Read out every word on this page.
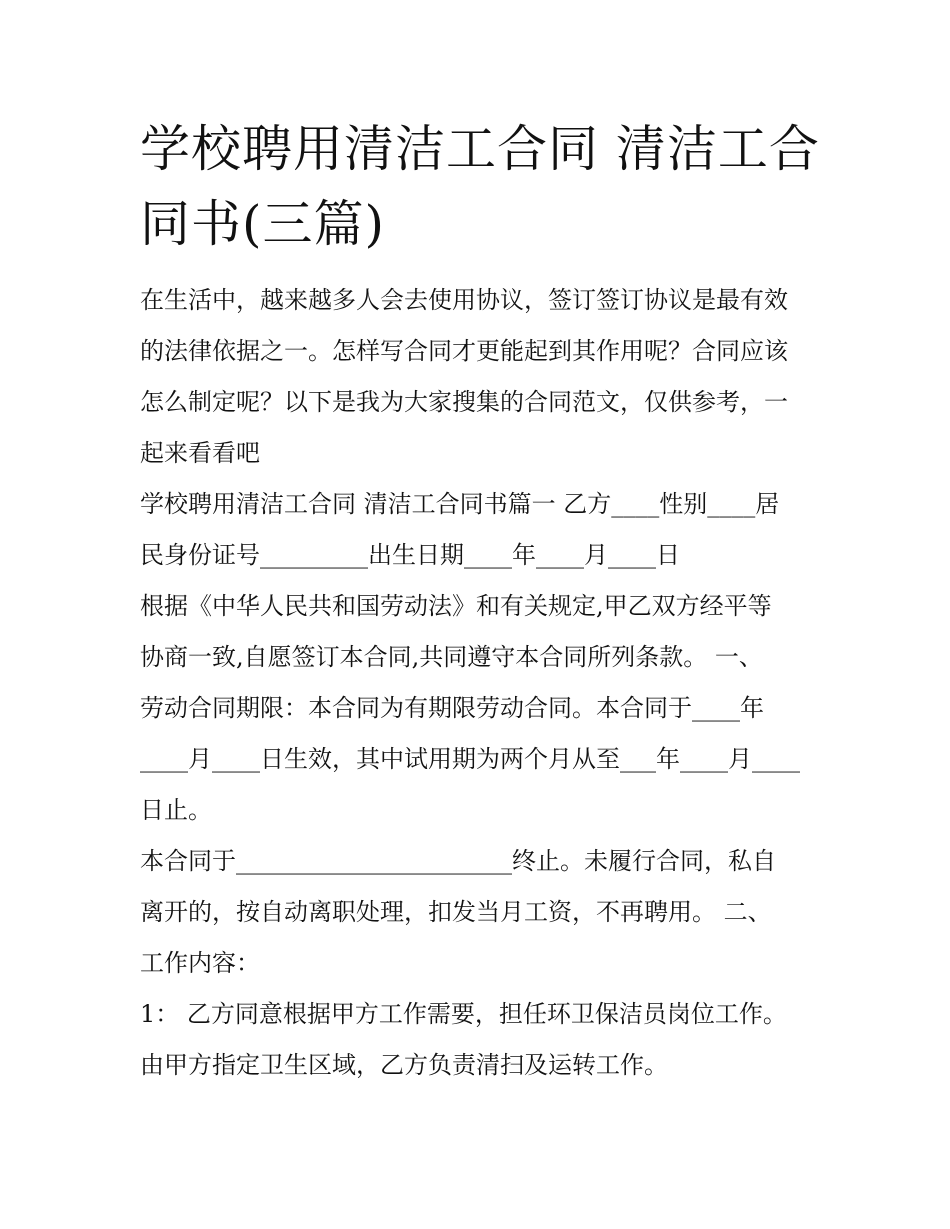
学校聘用清洁工合同 清洁工合
同书(三篇)
在生活中，越来越多人会去使用协议，签订签订协议是最有效
的法律依据之一。怎样写合同才更能起到其作用呢？合同应该
怎么制定呢？以下是我为大家搜集的合同范文，仅供参考，一
起来看看吧
学校聘用清洁工合同 清洁工合同书篇一 乙方____性别____居
民身份证号_________出生日期____年____月____日
根据《中华人民共和国劳动法》和有关规定,甲乙双方经平等
协商一致,自愿签订本合同,共同遵守本合同所列条款。 一、
劳动合同期限：本合同为有期限劳动合同。本合同于____年
____月____日生效，其中试用期为两个月从至___年____月____
日止。
本合同于_______________________终止。未履行合同，私自
离开的，按自动离职处理，扣发当月工资，不再聘用。 二、
工作内容：
1： 乙方同意根据甲方工作需要，担任环卫保洁员岗位工作。
由甲方指定卫生区域，乙方负责清扫及运转工作。
